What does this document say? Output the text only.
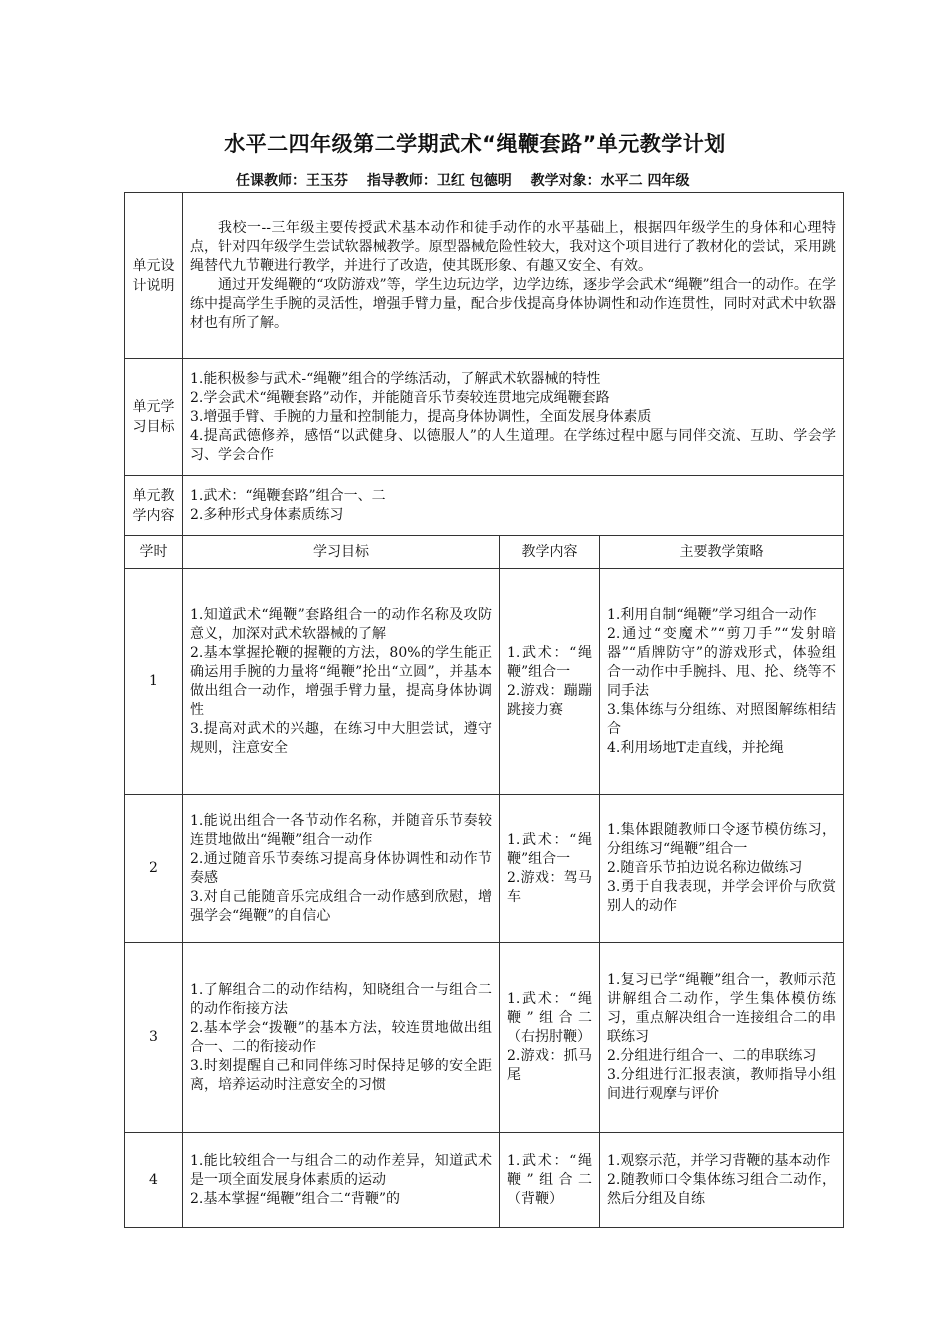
水平二四年级第二学期武术“绳鞭套路”单元教学计划
任课教师：王玉芬 指导教师：卫红 包德明 教学对象：水平二 四年级
单元设计说明	我校一--三年级主要传授武术基本动作和徒手动作的水平基础上，根据四年级学生的身体和心理特点，针对四年级学生尝试软器械教学。原型器械危险性较大，我对这个项目进行了教材化的尝试，采用跳绳替代九节鞭进行教学，并进行了改造，使其既形象、有趣又安全、有效。

通过开发绳鞭的“攻防游戏”等，学生边玩边学，边学边练，逐步学会武术“绳鞭”组合一的动作。在学练中提高学生手腕的灵活性，增强手臂力量，配合步伐提高身体协调性和动作连贯性，同时对武术中软器材也有所了解。		

单元学习目标	1.能积极参与武术-“绳鞭”组合的学练活动，了解武术软器械的特性
2.学会武术“绳鞭套路”动作，并能随音乐节奏较连贯地完成绳鞭套路
3.增强手臂、手腕的力量和控制能力，提高身体协调性，全面发展身体素质
4.提高武德修养，感悟“以武健身、以德服人”的人生道理。在学练过程中愿与同伴交流、互助、学会学习、学会合作		

单元教学内容	1.武术：“绳鞭套路”组合一、二
2.多种形式身体素质练习		

学时	学习目标	教学内容	主要教学策略
1	1.知道武术“绳鞭”套路组合一的动作名称及攻防意义，加深对武术软器械的了解
2.基本掌握抡鞭的握鞭的方法，80%的学生能正确运用手腕的力量将“绳鞭”抡出“立圆”，并基本做出组合一动作，增强手臂力量，提高身体协调性
3.提高对武术的兴趣，在练习中大胆尝试，遵守规则，注意安全	1.武术：“绳鞭”组合一
2.游戏：蹦蹦跳接力赛	1.利用自制“绳鞭”学习组合一动作
2.通过“变魔术”“剪刀手”“发射暗器”“盾牌防守”的游戏形式，体验组合一动作中手腕抖、甩、抡、绕等不同手法
3.集体练与分组练、对照图解练相结合
4.利用场地T走直线，并抡绳

2	1.能说出组合一各节动作名称，并随音乐节奏较连贯地做出“绳鞭”组合一动作
2.通过随音乐节奏练习提高身体协调性和动作节奏感
3.对自己能随音乐完成组合一动作感到欣慰，增强学会“绳鞭”的自信心	1.武术：“绳鞭”组合一
2.游戏：驾马车	1.集体跟随教师口令逐节模仿练习，分组练习“绳鞭”组合一
2.随音乐节拍边说名称边做练习
3.勇于自我表现，并学会评价与欣赏别人的动作

3	1.了解组合二的动作结构，知晓组合一与组合二的动作衔接方法
2.基本学会“拨鞭”的基本方法，较连贯地做出组合一、二的衔接动作
3.时刻提醒自己和同伴练习时保持足够的安全距离，培养运动时注意安全的习惯	1.武术：“绳鞭”组合二（右拐肘鞭）
2.游戏：抓马尾	1.复习已学“绳鞭”组合一，教师示范讲解组合二动作，学生集体模仿练习，重点解决组合一连接组合二的串联练习
2.分组进行组合一、二的串联练习
3.分组进行汇报表演，教师指导小组间进行观摩与评价

4	1.能比较组合一与组合二的动作差异，知道武术是一项全面发展身体素质的运动
2.基本掌握“绳鞭”组合二“背鞭”的	1.武术：“绳鞭”组合二（背鞭）	1.观察示范，并学习背鞭的基本动作
2.随教师口令集体练习组合二动作，然后分组及自练
